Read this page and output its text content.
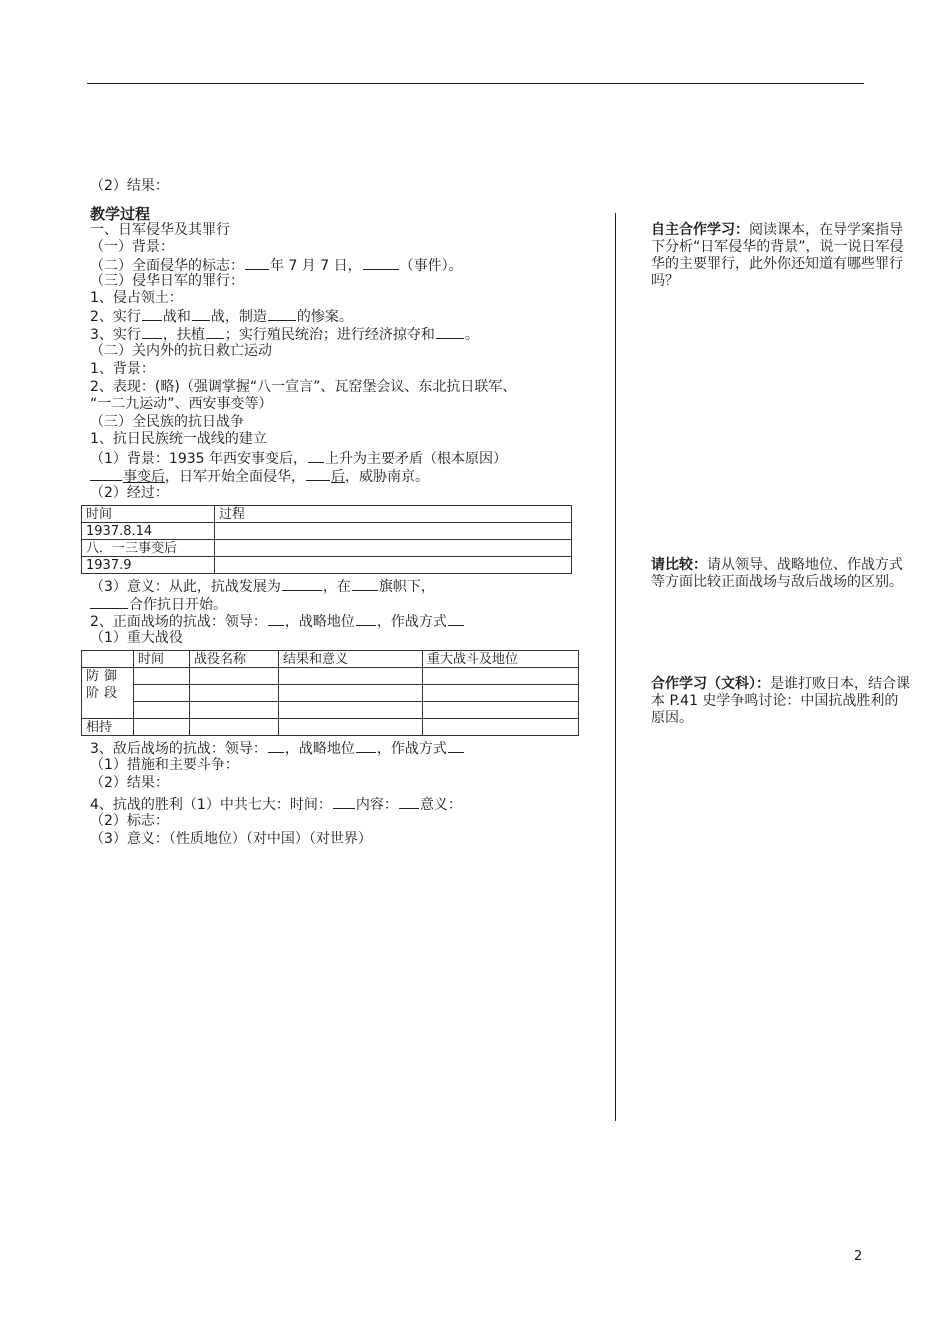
（2）结果：
教学过程
一、日军侵华及其罪行
（一）背景：
（二）全面侵华的标志： 年 7 月 7 日，	（事件）。
（三）侵华日军的罪行：
1、侵占领土：
2、实行 战和 战，制造 的惨案。
3、实行 ，扶植 ；实行殖民统治；进行经济掠夺和 。
（二）关内外的抗日救亡运动
1、背景：
2、表现：(略)（强调掌握“八一宣言”、瓦窑堡会议、东北抗日联军、
“一二九运动”、西安事变等）
（三）全民族的抗日战争
1、抗日民族统一战线的建立
（1）背景：1935 年西安事变后， 上升为主要矛盾（根本原因）
事变后，日军开始全面侵华， 后，威胁南京。
（2）经过：
时间	过程
1937.8.14	
八．一三事变后	
1937.9	
（3）意义：从此，抗战发展为	，在 旗帜下，
合作抗日开始。
2、正面战场的抗战：领导： ，战略地位 ，作战方式
（1）重大战役
	时间	战役名称	结果和意义	重大战斗及地位
防御阶段				

相持				
3、敌后战场的抗战：领导： ，战略地位 ，作战方式
（1）措施和主要斗争：
（2）结果：
4、抗战的胜利（1）中共七大：时间： 内容： 意义：
（2）标志：
（3）意义：（性质地位）（对中国）（对世界）
自主合作学习：阅读课本，在导学案指导下分析“日军侵华的背景”，说一说日军侵华的主要罪行，此外你还知道有哪些罪行吗？
请比较：请从领导、战略地位、作战方式等方面比较正面战场与敌后战场的区别。
合作学习（文科）：是谁打败日本，结合课本 P.41 史学争鸣讨论：中国抗战胜利的原因。
2
